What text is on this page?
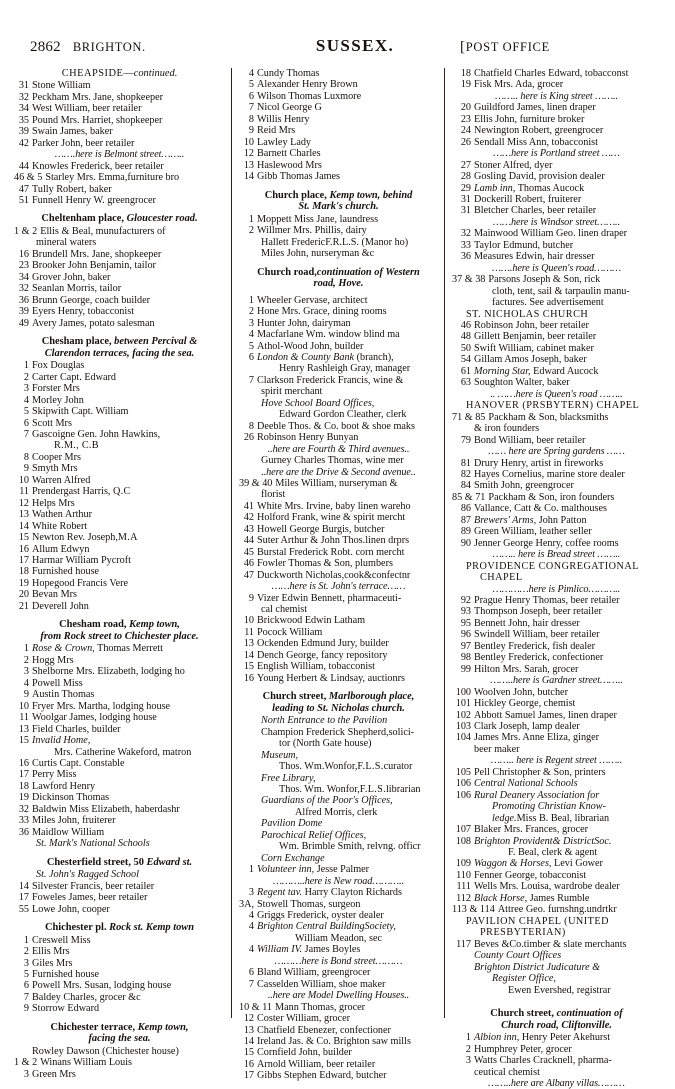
2862 BRIGHTON.	SUSSEX.	[POST OFFICE
CHEAPSIDE—continued.
31 Stone William
32 Peckham Mrs. Jane, shopkeeper
34 West William, beer retailer
35 Pound Mrs. Harriet, shopkeeper
39 Swain James, baker
42 Parker John, beer retailer
…….here is Belmont street……..
44 Knowles Frederick, beer retailer
46 & 5 Starley Mrs. Emma,furniture bro
47 Tully Robert, baker
51 Funnell Henry W. greengrocer
Cheltenham place, Gloucester road.
1 & 2 Ellis & Beal, munufacturers of
mineral waters
16 Brundell Mrs. Jane, shopkeeper
23 Brooker John Benjamin, tailor
34 Grover John, baker
32 Seanlan Morris, tailor
36 Brunn George, coach builder
39 Eyers Henry, tobacconist
49 Avery James, potato salesman
Chesham place, between Percival &
Clarendon terraces, facing the sea.
1 Fox Douglas
2 Carter Capt. Edward
3 Forster Mrs
4 Morley John
5 Skipwith Capt. William
6 Scott Mrs
7 Gascoigne Gen. John Hawkins,
R.M., C.B
8 Cooper Mrs
9 Smyth Mrs
10 Warren Alfred
11 Prendergast Harris, Q.C
12 Helps Mrs
13 Wathen Arthur
14 White Robert
15 Newton Rev. Joseph,M.A
16 Allum Edwyn
17 Harmar William Pycroft
18 Furnished house
19 Hopegood Francis Vere
20 Bevan Mrs
21 Deverell John
Chesham road, Kemp town,
from Rock street to Chichester place.
1 Rose & Crown, Thomas Merrett
2 Hogg Mrs
3 Shelborne Mrs. Elizabeth, lodging ho
4 Powell Miss
9 Austin Thomas
10 Fryer Mrs. Martha, lodging house
11 Woolgar James, lodging house
13 Field Charles, builder
15 Invalid Home,
Mrs. Catherine Wakeford, matron
16 Curtis Capt. Constable
17 Perry Miss
18 Lawford Henry
19 Dickinson Thomas
32 Baldwin Miss Elizabeth, haberdashr
33 Miles John, fruiterer
36 Maidlow William
St. Mark's National Schools
Chesterfield street, 50 Edward st.
St. John's Ragged School
14 Silvester Francis, beer retailer
17 Foweles James, beer retailer
55 Lowe John, cooper
Chichester pl. Rock st. Kemp town
1 Creswell Miss
2 Ellis Mrs
3 Giles Mrs
5 Furnished house
6 Powell Mrs. Susan, lodging house
7 Baldey Charles, grocer &c
9 Storrow Edward
Chichester terrace, Kemp town,
facing the sea.
Rowley Dawson (Chichester house)
1 & 2 Winans William Louis
3 Green Mrs
4 Cundy Thomas
5 Alexander Henry Brown
6 Wilson Thomas Luxmore
7 Nicol George G
8 Willis Henry
9 Reid Mrs
10 Lawley Lady
12 Barnett Charles
13 Haslewood Mrs
14 Gibb Thomas James
Church place, Kemp town, behind
St. Mark's church.
1 Moppett Miss Jane, laundress
2 Willmer Mrs. Phillis, dairy
Hallett FredericF.R.L.S. (Manor ho)
Miles John, nurseryman &c
Church road,continuation of Western
road, Hove.
1 Wheeler Gervase, architect
2 Hone Mrs. Grace, dining rooms
3 Hunter John, dairyman
4 Macfarlane Wm. window blind ma
5 Athol-Wood John, builder
6 London & County Bank (branch),
Henry Rashleigh Gray, manager
7 Clarkson Frederick Francis, wine &
spirit merchant
Hove School Board Offices,
Edward Gordon Cleather, clerk
8 Deeble Thos. & Co. boot & shoe maks
26 Robinson Henry Bunyan
..here are Fourth & Third avenues..
Gurney Charles Thomas, wine mer
..here are the Drive & Second avenue..
39 & 40 Miles William, nurseryman &
florist
41 White Mrs. Irvine, baby linen wareho
42 Holford Frank, wine & spirit mercht
43 Howell George Burgis, butcher
44 Suter Arthur & John Thos.linen drprs
45 Burstal Frederick Robt. corn mercht
46 Fowler Thomas & Son, plumbers
47 Duckworth Nicholas,cook&confectnr
……here is St. John's terrace……
9 Vizer Edwin Bennett, pharmaceuti-
cal chemist
10 Brickwood Edwin Latham
11 Pocock William
13 Ockenden Edmund Jury, builder
14 Dench George, fancy repository
15 English William, tobacconist
16 Young Herbert & Lindsay, auctionrs
Church street, Marlborough place,
leading to St. Nicholas church.
North Entrance to the Pavilion
Champion Frederick Shepherd,solici-
tor (North Gate house)
Museum,
Thos. Wm.Wonfor, F.L.S. curator
Free Library,
Thos. Wm. Wonfor, F.L.S. librarian
Guardians of the Poor's Offices,
Alfred Morris, clerk
Pavilion Dome
Parochical Relief Offices,
Wm. Brimble Smith, relvng. officr
Corn Exchange
1 Volunteer inn, Jesse Palmer
………..here is New road………..
3 Regent tav. Harry Clayton Richards
3A, Stowell Thomas, surgeon
4 Griggs Frederick, oyster dealer
4 Brighton Central BuildingSociety,
William Meadon, sec
4 William IV. James Boyles
………here is Bond street………
6 Bland William, greengrocer
7 Casselden William, shoe maker
..here are Model Dwelling Houses..
10 & 11 Mann Thomas, grocer
12 Coster William, grocer
13 Chatfield Ebenezer, confectioner
14 Ireland Jas. & Co. Brighton saw mills
15 Cornfield John, builder
16 Arnold William, beer retailer
17 Gibbs Stephen Edward, butcher
18 Chatfield Charles Edward, tobacconst
19 Fisk Mrs. Ada, grocer
…….. here is King street ……..
20 Guildford James, linen draper
23 Ellis John, furniture broker
24 Newington Robert, greengrocer
26 Sendall Miss Ann, tobacconist
……here is Portland street ……
27 Stoner Alfred, dyer
28 Gosling David, provision dealer
29 Lamb inn, Thomas Aucock
31 Dockerill Robert, fruiterer
31 Bletcher Charles, beer retailer
……here is Windsor street……..
32 Mainwood William Geo. linen draper
33 Taylor Edmund, butcher
36 Measures Edwin, hair dresser
…….here is Queen's road………
37 & 38 Parsons Joseph & Son, rick
cloth, tent, sail & tarpaulin manu-
factures. See advertisement
ST. NICHOLAS CHURCH
46 Robinson John, beer retailer
48 Gillett Benjamin, beer retailer
50 Swift William, cabinet maker
54 Gillam Amos Joseph, baker
61 Morning Star, Edward Aucock
63 Soughton Walter, baker
.. ……here is Queen's road ……..
HANOVER (PRSBYTERN) CHAPEL
71 & 85 Packham & Son, blacksmiths
& iron founders
79 Bond William, beer retailer
…… here are Spring gardens ……
81 Drury Henry, artist in fireworks
82 Hayes Cornelius, marine store dealer
84 Smith John, greengrocer
85 & 71 Packham & Son, iron founders
86 Vallance, Catt & Co. malthouses
87 Brewers' Arms, John Patton
89 Green William, leather seller
90 Jenner George Henry, coffee rooms
…….. here is Bread street ……..
PROVIDENCE CONGREGATIONAL
CHAPEL
…………here is Pimlico………..
92 Prague Henry Thomas, beer retailer
93 Thompson Joseph, beer retailer
95 Bennett John, hair dresser
96 Swindell William, beer retailer
97 Bentley Frederick, fish dealer
98 Bentley Frederick, confectioner
99 Hilton Mrs. Sarah, grocer
……..here is Gardner street……..
100 Woolven John, butcher
101 Hickley George, chemist
102 Abbott Samuel James, linen draper
103 Clark Joseph, lamp dealer
104 James Mrs. Anne Eliza, ginger
beer maker
…….. here is Regent street ……..
105 Pell Christopher & Son, printers
106 Central National Schools
106 Rural Deanery Association for
Promoting Christian Know-
ledge. Miss B. Beal, librarian
107 Blaker Mrs. Frances, grocer
108 Brighton Provident& DistrictSoc.
F. Beal, clerk & agent
109 Waggon & Horses, Levi Gower
110 Fenner George, tobacconist
111 Wells Mrs. Louisa, wardrobe dealer
112 Black Horse, James Rumble
113 & 114 Attree Geo. furnshng.undrtkr
PAVILION CHAPEL (UNITED
PRESBYTERIAN)
117 Beves &Co.timber & slate merchants
County Court Offices
Brighton District Judicature &
Register Office,
Ewen Evershed, registrar
Church street, continuation of
Church road, Cliftonville.
1 Albion inn, Henry Peter Akehurst
2 Humphrey Peter, grocer
3 Watts Charles Cracknell, pharma-
ceutical chemist
……..here are Albany villas………
